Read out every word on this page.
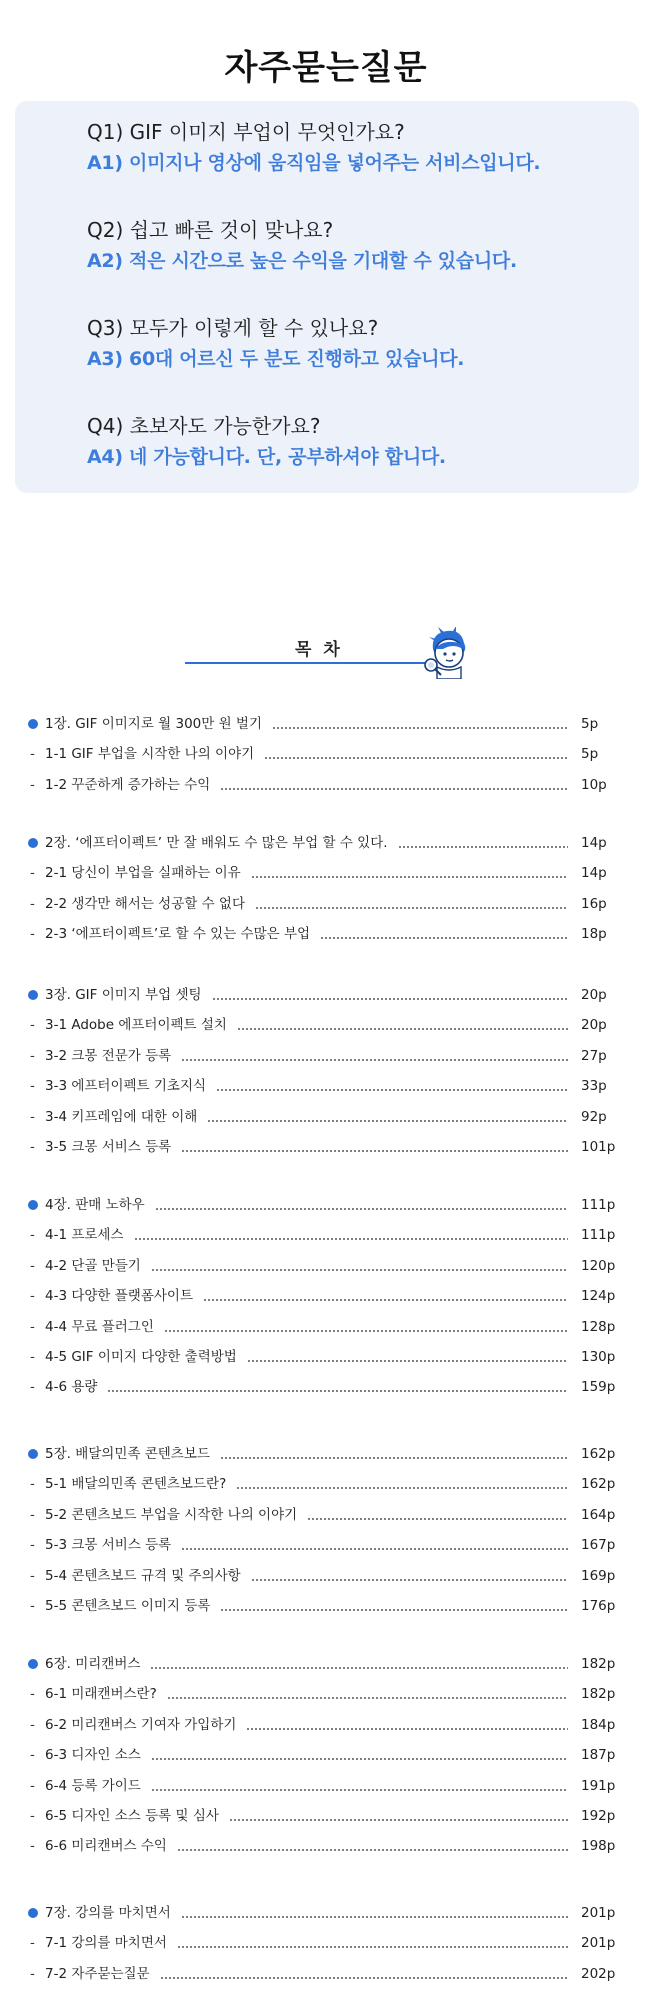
자주묻는질문
Q1) GIF 이미지 부업이 무엇인가요?
A1) 이미지나 영상에 움직임을 넣어주는 서비스입니다.
Q2) 쉽고 빠른 것이 맞나요?
A2) 적은 시간으로 높은 수익을 기대할 수 있습니다.
Q3) 모두가 이렇게 할 수 있나요?
A3) 60대 어르신 두 분도 진행하고 있습니다.
Q4) 초보자도 가능한가요?
A4) 네 가능합니다. 단, 공부하셔야 합니다.
목 차
1장. GIF 이미지로 월 300만 원 벌기	5p
- 1-1 GIF 부업을 시작한 나의 이야기	5p
- 1-2 꾸준하게 증가하는 수익	10p
2장. ‘에프터이펙트’ 만 잘 배워도 수 많은 부업 할 수 있다.	14p
- 2-1 당신이 부업을 실패하는 이유	14p
- 2-2 생각만 해서는 성공할 수 없다	16p
- 2-3 ‘에프터이펙트’로 할 수 있는 수많은 부업	18p
3장. GIF 이미지 부업 셋팅	20p
- 3-1 Adobe 에프터이펙트 설치	20p
- 3-2 크몽 전문가 등록	27p
- 3-3 에프터이펙트 기초지식	33p
- 3-4 키프레임에 대한 이해	92p
- 3-5 크몽 서비스 등록	101p
4장. 판매 노하우	111p
- 4-1 프로세스	111p
- 4-2 단골 만들기	120p
- 4-3 다양한 플랫폼사이트	124p
- 4-4 무료 플러그인	128p
- 4-5 GIF 이미지 다양한 출력방법	130p
- 4-6 용량	159p
5장. 배달의민족 콘텐츠보드	162p
- 5-1 배달의민족 콘텐츠보드란?	162p
- 5-2 콘텐츠보드 부업을 시작한 나의 이야기	164p
- 5-3 크몽 서비스 등록	167p
- 5-4 콘텐츠보드 규격 및 주의사항	169p
- 5-5 콘텐츠보드 이미지 등록	176p
6장. 미리캔버스	182p
- 6-1 미래캔버스란?	182p
- 6-2 미리캔버스 기여자 가입하기	184p
- 6-3 디자인 소스	187p
- 6-4 등록 가이드	191p
- 6-5 디자인 소스 등록 및 심사	192p
- 6-6 미리캔버스 수익	198p
7장. 강의를 마치면서	201p
- 7-1 강의를 마치면서	201p
- 7-2 자주묻는질문	202p
